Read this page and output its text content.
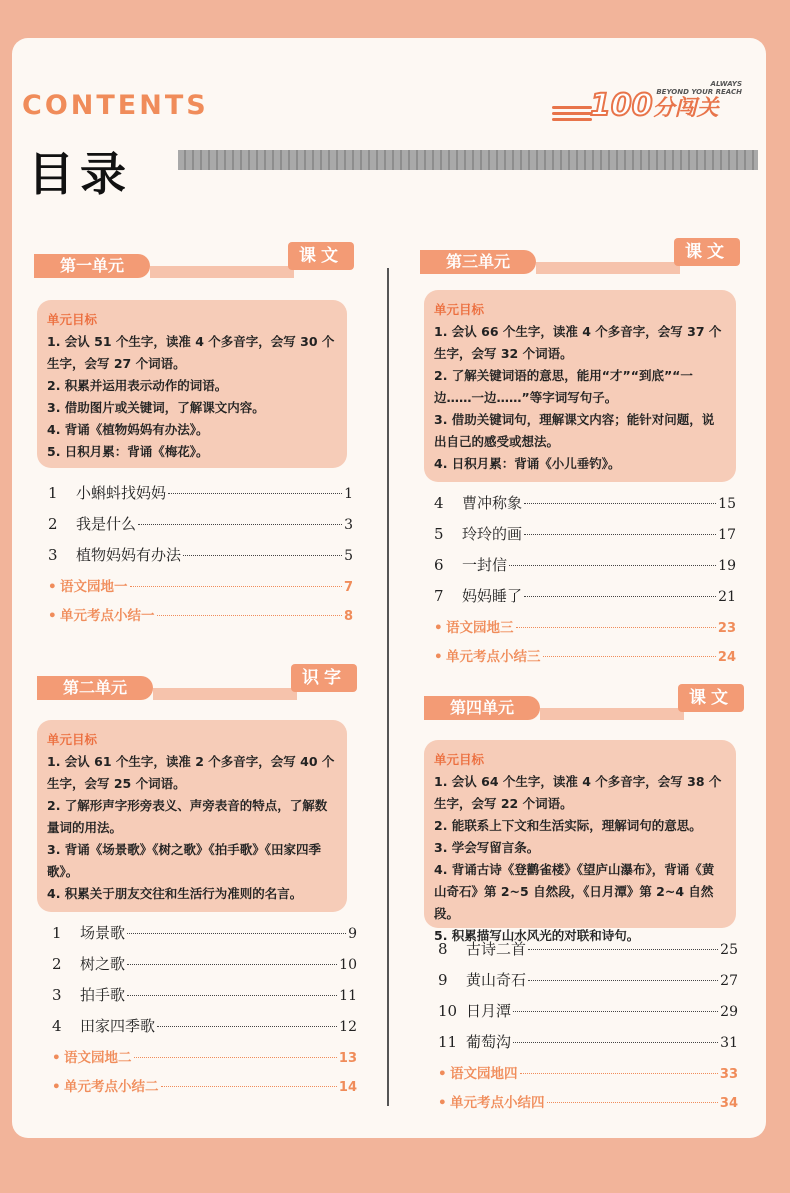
CONTENTS
目录
ALWAYS
BEYOND YOUR REACH
100分闯关
第一单元	课文
单元目标
1. 会认 51 个生字，读准 4 个多音字，会写 30 个生字，会写 27 个词语。
2. 积累并运用表示动作的词语。
3. 借助图片或关键词，了解课文内容。
4. 背诵《植物妈妈有办法》。
5. 日积月累：背诵《梅花》。
1	小蝌蚪找妈妈	1
2	我是什么	3
3	植物妈妈有办法	5
• 语文园地一	7
• 单元考点小结一	8
第二单元	识字
单元目标
1. 会认 61 个生字，读准 2 个多音字，会写 40 个生字，会写 25 个词语。
2. 了解形声字形旁表义、声旁表音的特点，了解数量词的用法。
3. 背诵《场景歌》《树之歌》《拍手歌》《田家四季歌》。
4. 积累关于朋友交往和生活行为准则的名言。
1	场景歌	9
2	树之歌	10
3	拍手歌	11
4	田家四季歌	12
• 语文园地二	13
• 单元考点小结二	14
第三单元	课文
单元目标
1. 会认 66 个生字，读准 4 个多音字，会写 37 个生字，会写 32 个词语。
2. 了解关键词语的意思，能用“才”“到底”“一边……一边……”等字词写句子。
3. 借助关键词句，理解课文内容；能针对问题，说出自己的感受或想法。
4. 日积月累：背诵《小儿垂钓》。
4	曹冲称象	15
5	玲玲的画	17
6	一封信	19
7	妈妈睡了	21
• 语文园地三	23
• 单元考点小结三	24
第四单元	课文
单元目标
1. 会认 64 个生字，读准 4 个多音字，会写 38 个生字，会写 22 个词语。
2. 能联系上下文和生活实际，理解词句的意思。
3. 学会写留言条。
4. 背诵古诗《登鹳雀楼》《望庐山瀑布》，背诵《黄山奇石》第 2~5 自然段，《日月潭》第 2~4 自然段。
5. 积累描写山水风光的对联和诗句。
8	古诗二首	25
9	黄山奇石	27
10 日月潭	29
11 葡萄沟	31
• 语文园地四	33
• 单元考点小结四	34
